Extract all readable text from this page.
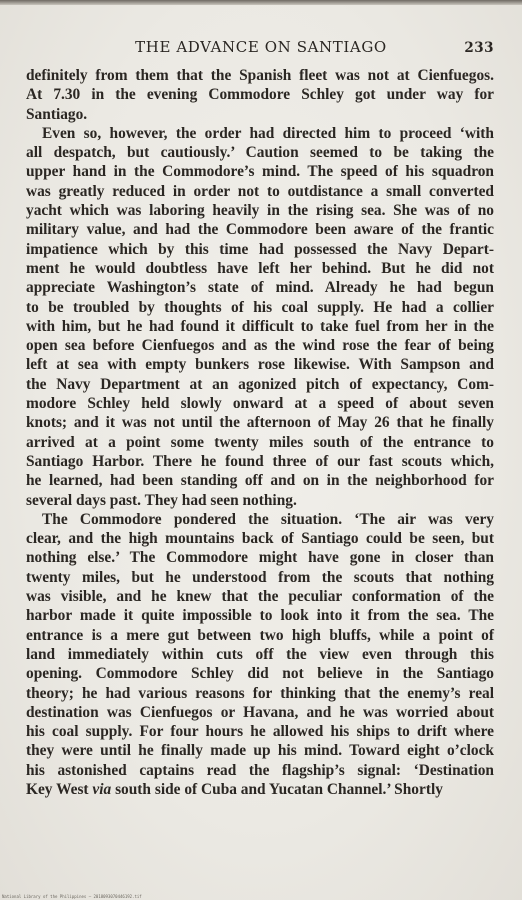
THE ADVANCE ON SANTIAGO	233

definitely from them that the Spanish fleet was not at Cienfuegos.
At 7.30 in the evening Commodore Schley got under way for
Santiago.

Even so, however, the order had directed him to proceed ‘with
all despatch, but cautiously.’ Caution seemed to be taking the
upper hand in the Commodore’s mind. The speed of his squadron
was greatly reduced in order not to outdistance a small converted
yacht which was laboring heavily in the rising sea. She was of no
military value, and had the Commodore been aware of the frantic
impatience which by this time had possessed the Navy Depart-
ment he would doubtless have left her behind. But he did not
appreciate Washington’s state of mind. Already he had begun
to be troubled by thoughts of his coal supply. He had a collier
with him, but he had found it difficult to take fuel from her in the
open sea before Cienfuegos and as the wind rose the fear of being
left at sea with empty bunkers rose likewise. With Sampson and
the Navy Department at an agonized pitch of expectancy, Com-
modore Schley held slowly onward at a speed of about seven
knots; and it was not until the afternoon of May 26 that he finally
arrived at a point some twenty miles south of the entrance to
Santiago Harbor. There he found three of our fast scouts which,
he learned, had been standing off and on in the neighborhood for
several days past. They had seen nothing.

The Commodore pondered the situation. ‘The air was very
clear, and the high mountains back of Santiago could be seen, but
nothing else.’ The Commodore might have gone in closer than
twenty miles, but he understood from the scouts that nothing
was visible, and he knew that the peculiar conformation of the
harbor made it quite impossible to look into it from the sea. The
entrance is a mere gut between two high bluffs, while a point of
land immediately within cuts off the view even through this
opening. Commodore Schley did not believe in the Santiago
theory; he had various reasons for thinking that the enemy’s real
destination was Cienfuegos or Havana, and he was worried about
his coal supply. For four hours he allowed his ships to drift where
they were until he finally made up his mind. Toward eight o’clock
his astonished captains read the flagship’s signal: ‘Destination
Key West via south side of Cuba and Yucatan Channel.’ Shortly

National Library of the Philippines — 2018093070446192.tif
